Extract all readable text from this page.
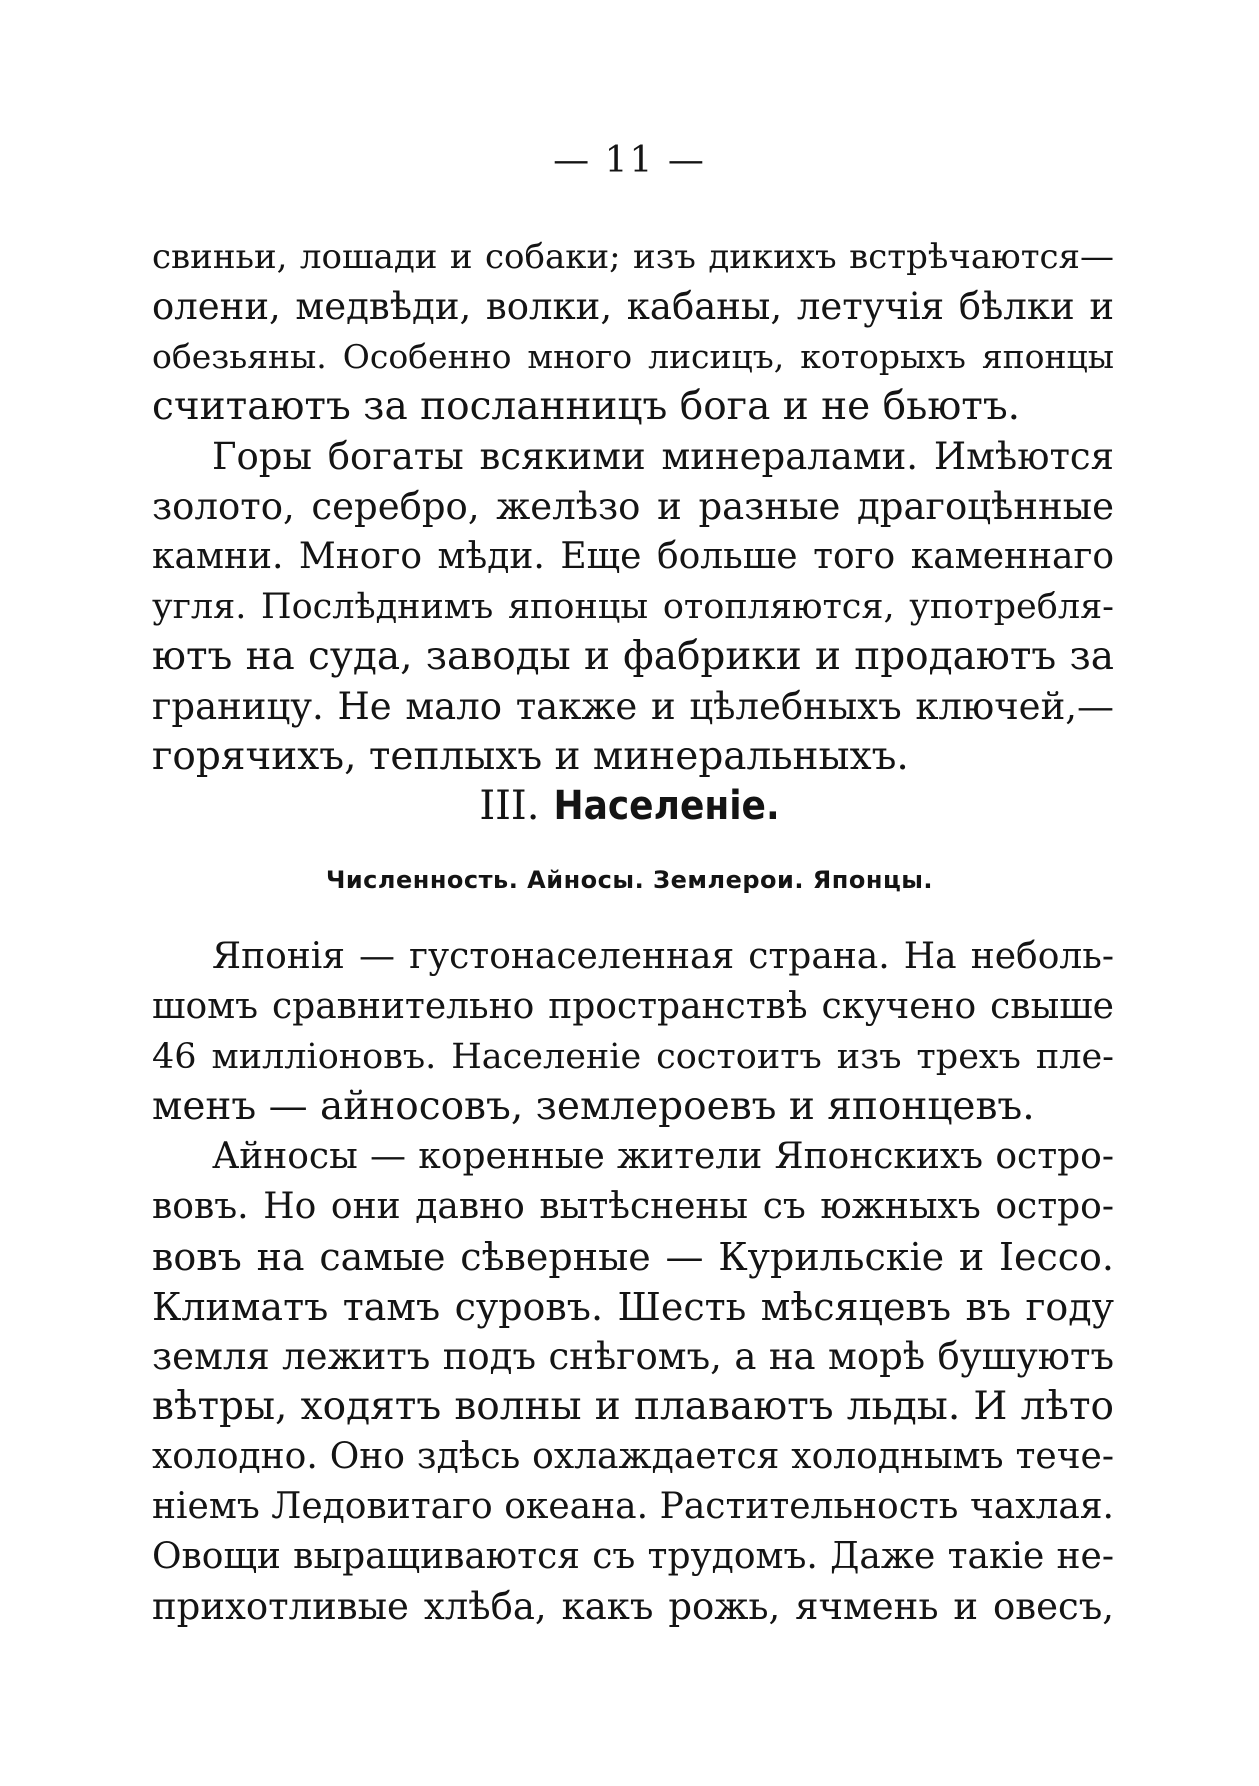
— 11 —
свиньи, лошади и собаки; изъ дикихъ встрѣчаются—
олени, медвѣди, волки, кабаны, летучія бѣлки и
обезьяны. Особенно много лисицъ, которыхъ японцы
считаютъ за посланницъ бога и не бьютъ.
Горы богаты всякими минералами. Имѣются
золото, серебро, желѣзо и разные драгоцѣнные
камни. Много мѣди. Еще больше того каменнаго
угля. Послѣднимъ японцы отопляются, употребля-
ютъ на суда, заводы и фабрики и продаютъ за
границу. Не мало также и цѣлебныхъ ключей,—
горячихъ, теплыхъ и минеральныхъ.
III. Населеніе.
Численность. Айносы. Землерои. Японцы.
Японія — густонаселенная страна. На неболь-
шомъ сравнительно пространствѣ скучено свыше
46 милліоновъ. Населеніе состоитъ изъ трехъ пле-
менъ — айносовъ, землероевъ и японцевъ.
Айносы — коренные жители Японскихъ остро-
вовъ. Но они давно вытѣснены съ южныхъ остро-
вовъ на самые сѣверные — Курильскіе и Іессо.
Климатъ тамъ суровъ. Шесть мѣсяцевъ въ году
земля лежитъ подъ снѣгомъ, а на морѣ бушуютъ
вѣтры, ходятъ волны и плаваютъ льды. И лѣто
холодно. Оно здѣсь охлаждается холоднымъ тече-
ніемъ Ледовитаго океана. Растительность чахлая.
Овощи выращиваются съ трудомъ. Даже такіе не-
прихотливые хлѣба, какъ рожь, ячмень и овесъ,
